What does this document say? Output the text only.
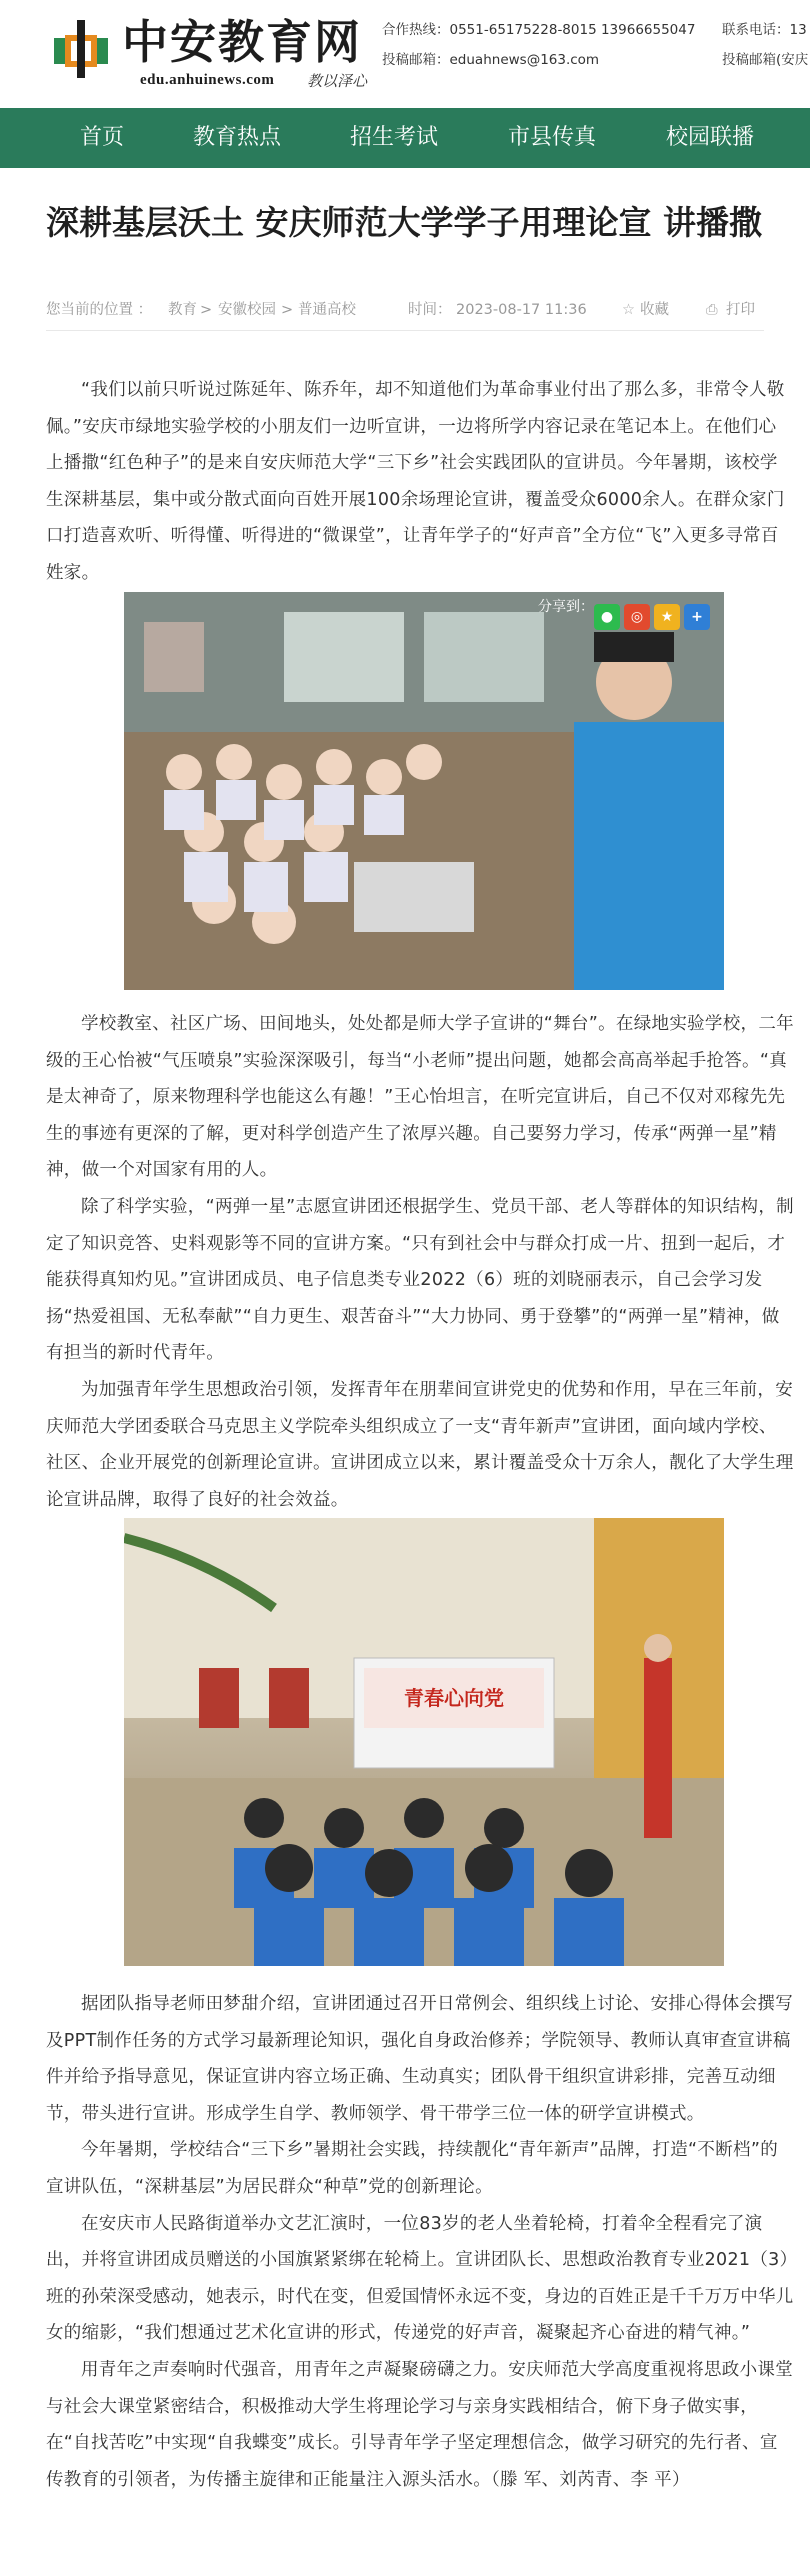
中安教育网
edu.anhuinews.com 教以泽心
合作热线：0551-65175228-8015 13966655047
投稿邮箱：eduahnews@163.com
联系电话：13
投稿邮箱(安庆
首页	教育热点	招生考试	市县传真	校园联播
深耕基层沃土 安庆师范大学学子用理论宣 讲播撒
您当前的位置 ： 教育 > 安徽校园 > 普通高校	时间： 2023-08-17 11:36 ☆ 收藏	⎙ 打印

“我们以前只听说过陈延年、陈乔年，却不知道他们为革命事业付出了那么多，非常令人敬佩。”安庆市绿地实验学校的小朋友们一边听宣讲，一边将所学内容记录在笔记本上。在他们心上播撒“红色种子”的是来自安庆师范大学“三下乡”社会实践团队的宣讲员。今年暑期，该校学生深耕基层，集中或分散式面向百姓开展100余场理论宣讲，覆盖受众6000余人。在群众家门口打造喜欢听、听得懂、听得进的“微课堂”，让青年学子的“好声音”全方位“飞”入更多寻常百姓家。

分享到：
●	◎	★	+

学校教室、社区广场、田间地头，处处都是师大学子宣讲的“舞台”。在绿地实验学校，二年级的王心怡被“气压喷泉”实验深深吸引，每当“小老师”提出问题，她都会高高举起手抢答。“真是太神奇了，原来物理科学也能这么有趣！”王心怡坦言，在听完宣讲后，自己不仅对邓稼先先生的事迹有更深的了解，更对科学创造产生了浓厚兴趣。自己要努力学习，传承“两弹一星”精神，做一个对国家有用的人。

除了科学实验，“两弹一星”志愿宣讲团还根据学生、党员干部、老人等群体的知识结构，制定了知识竞答、史料观影等不同的宣讲方案。“只有到社会中与群众打成一片、扭到一起后，才能获得真知灼见。”宣讲团成员、电子信息类专业2022（6）班的刘晓丽表示，自己会学习发扬“热爱祖国、无私奉献”“自力更生、艰苦奋斗”“大力协同、勇于登攀”的“两弹一星”精神，做有担当的新时代青年。

为加强青年学生思想政治引领，发挥青年在朋辈间宣讲党史的优势和作用，早在三年前，安庆师范大学团委联合马克思主义学院牵头组织成立了一支“青年新声”宣讲团，面向域内学校、社区、企业开展党的创新理论宣讲。宣讲团成立以来，累计覆盖受众十万余人，靓化了大学生理论宣讲品牌，取得了良好的社会效益。

青春心向党

据团队指导老师田梦甜介绍，宣讲团通过召开日常例会、组织线上讨论、安排心得体会撰写及PPT制作任务的方式学习最新理论知识，强化自身政治修养；学院领导、教师认真审查宣讲稿件并给予指导意见，保证宣讲内容立场正确、生动真实；团队骨干组织宣讲彩排，完善互动细节，带头进行宣讲。形成学生自学、教师领学、骨干带学三位一体的研学宣讲模式。

今年暑期，学校结合“三下乡”暑期社会实践，持续靓化“青年新声”品牌，打造“不断档”的宣讲队伍，“深耕基层”为居民群众“种草”党的创新理论。

在安庆市人民路街道举办文艺汇演时，一位83岁的老人坐着轮椅，打着伞全程看完了演出，并将宣讲团成员赠送的小国旗紧紧绑在轮椅上。宣讲团队长、思想政治教育专业2021（3）班的孙荣深受感动，她表示，时代在变，但爱国情怀永远不变，身边的百姓正是千千万万中华儿女的缩影，“我们想通过艺术化宣讲的形式，传递党的好声音，凝聚起齐心奋进的精气神。”

用青年之声奏响时代强音，用青年之声凝聚磅礴之力。安庆师范大学高度重视将思政小课堂与社会大课堂紧密结合，积极推动大学生将理论学习与亲身实践相结合，俯下身子做实事，在“自找苦吃”中实现“自我蝶变”成长。引导青年学子坚定理想信念，做学习研究的先行者、宣传教育的引领者，为传播主旋律和正能量注入源头活水。（滕 军、刘芮青、李 平）
